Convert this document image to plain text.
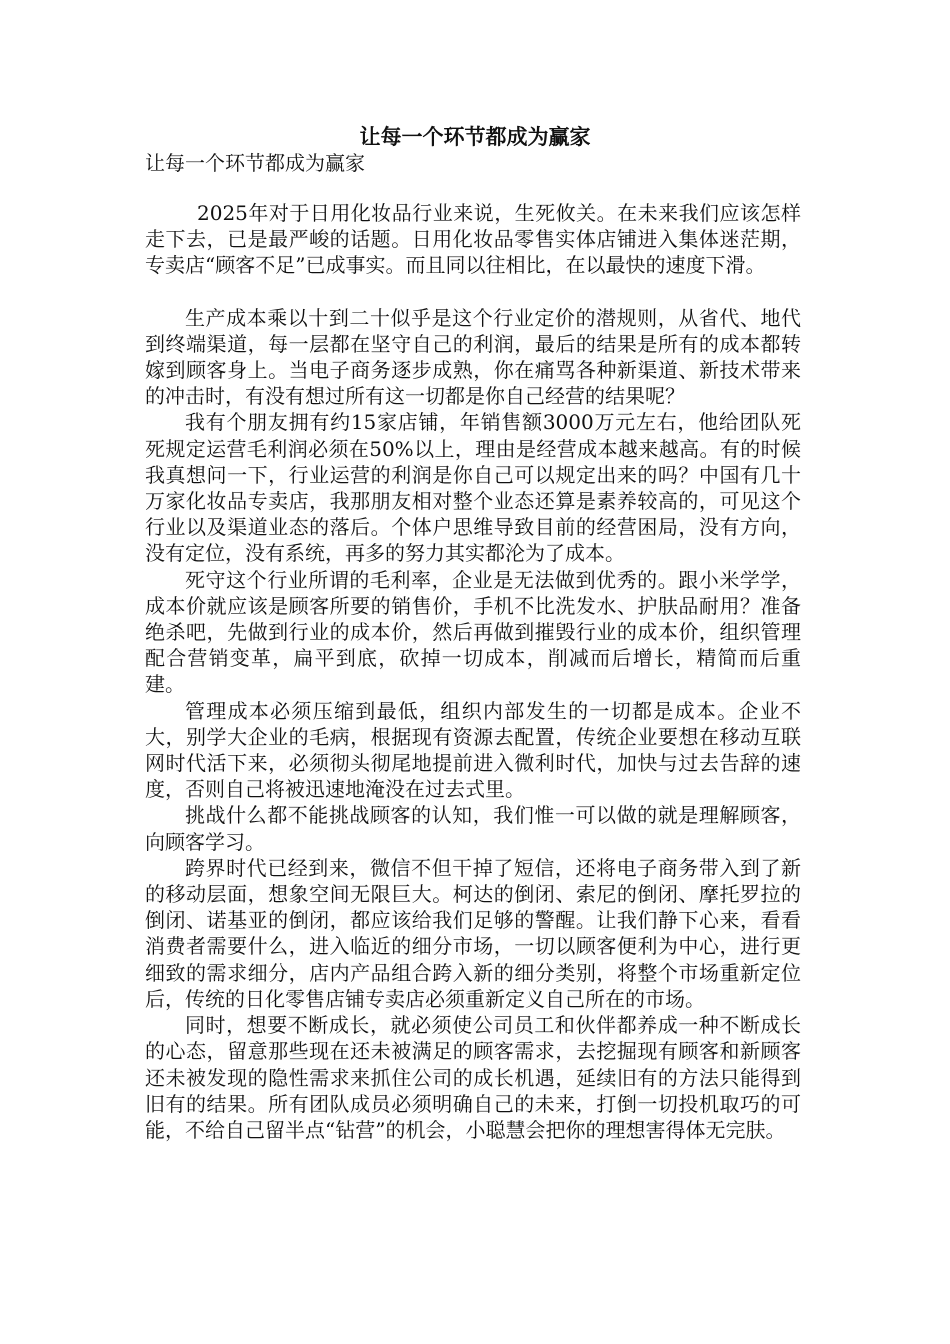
让每一个环节都成为赢家

让每一个环节都成为赢家

2025年对于日用化妆品行业来说，生死攸关。在未来我们应该怎样走下去，已是最严峻的话题。日用化妆品零售实体店铺进入集体迷茫期，专卖店“顾客不足”已成事实。而且同以往相比，在以最快的速度下滑。

生产成本乘以十到二十似乎是这个行业定价的潜规则，从省代、地代到终端渠道，每一层都在坚守自己的利润，最后的结果是所有的成本都转嫁到顾客身上。当电子商务逐步成熟，你在痛骂各种新渠道、新技术带来的冲击时，有没有想过所有这一切都是你自己经营的结果呢？

我有个朋友拥有约15家店铺，年销售额3000万元左右，他给团队死死规定运营毛利润必须在50%以上，理由是经营成本越来越高。有的时候我真想问一下，行业运营的利润是你自己可以规定出来的吗？中国有几十万家化妆品专卖店，我那朋友相对整个业态还算是素养较高的，可见这个行业以及渠道业态的落后。个体户思维导致目前的经营困局，没有方向，没有定位，没有系统，再多的努力其实都沦为了成本。

死守这个行业所谓的毛利率，企业是无法做到优秀的。跟小米学学，成本价就应该是顾客所要的销售价，手机不比洗发水、护肤品耐用？准备绝杀吧，先做到行业的成本价，然后再做到摧毁行业的成本价，组织管理配合营销变革，扁平到底，砍掉一切成本，削减而后增长，精简而后重建。

管理成本必须压缩到最低，组织内部发生的一切都是成本。企业不大，别学大企业的毛病，根据现有资源去配置，传统企业要想在移动互联网时代活下来，必须彻头彻尾地提前进入微利时代，加快与过去告辞的速度，否则自己将被迅速地淹没在过去式里。

挑战什么都不能挑战顾客的认知，我们惟一可以做的就是理解顾客，向顾客学习。

跨界时代已经到来，微信不但干掉了短信，还将电子商务带入到了新的移动层面，想象空间无限巨大。柯达的倒闭、索尼的倒闭、摩托罗拉的倒闭、诺基亚的倒闭，都应该给我们足够的警醒。让我们静下心来，看看消费者需要什么，进入临近的细分市场，一切以顾客便利为中心，进行更细致的需求细分，店内产品组合跨入新的细分类别，将整个市场重新定位后，传统的日化零售店铺专卖店必须重新定义自己所在的市场。

同时，想要不断成长，就必须使公司员工和伙伴都养成一种不断成长的心态，留意那些现在还未被满足的顾客需求，去挖掘现有顾客和新顾客还未被发现的隐性需求来抓住公司的成长机遇，延续旧有的方法只能得到旧有的结果。所有团队成员必须明确自己的未来，打倒一切投机取巧的可能，不给自己留半点“钻营”的机会，小聪慧会把你的理想害得体无完肤。
